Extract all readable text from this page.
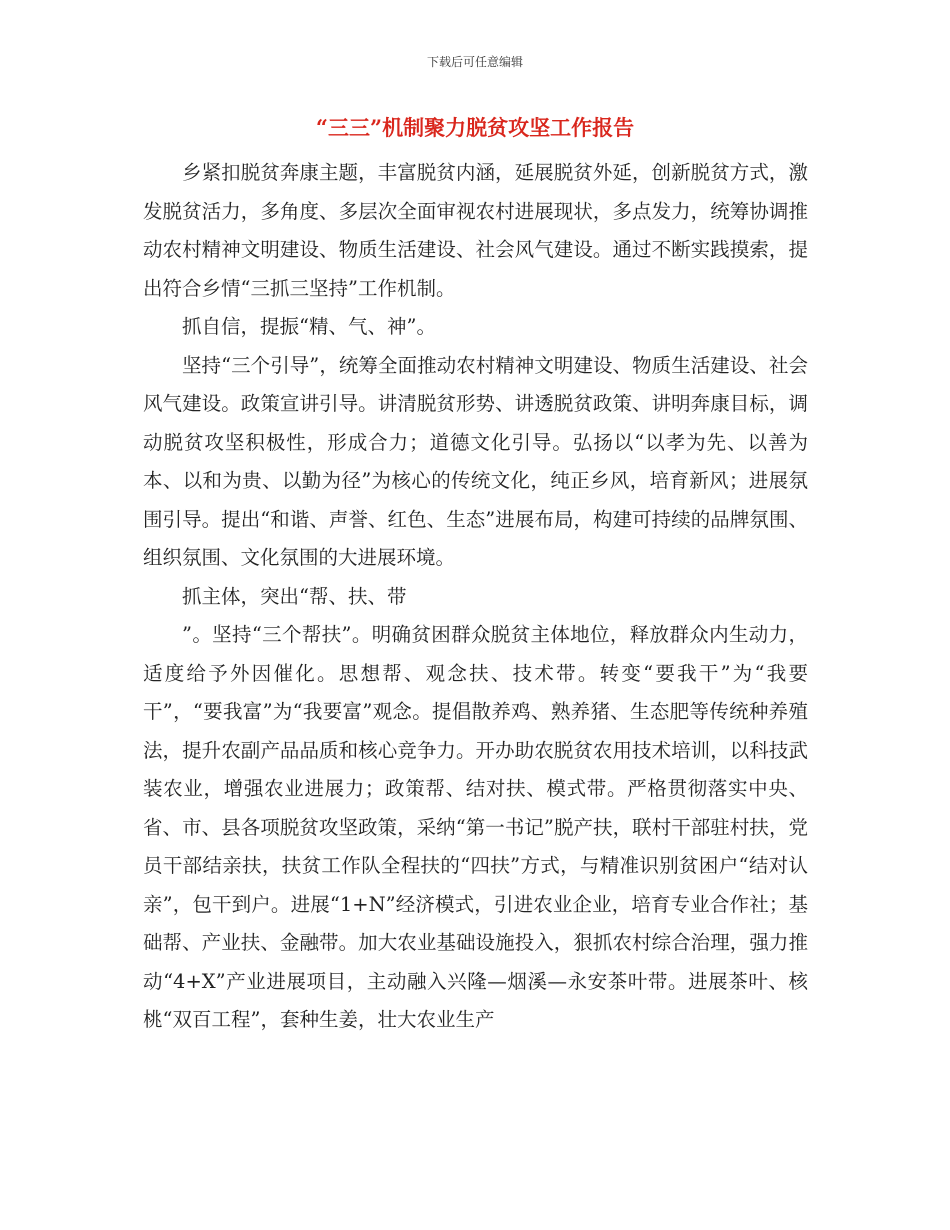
下载后可任意编辑
“三三”机制聚力脱贫攻坚工作报告

乡紧扣脱贫奔康主题，丰富脱贫内涵，延展脱贫外延，创新脱贫方式，激发脱贫活力，多角度、多层次全面审视农村进展现状，多点发力，统筹协调推动农村精神文明建设、物质生活建设、社会风气建设。通过不断实践摸索，提出符合乡情“三抓三坚持”工作机制。

抓自信，提振“精、气、神”。

坚持“三个引导”，统筹全面推动农村精神文明建设、物质生活建设、社会风气建设。政策宣讲引导。讲清脱贫形势、讲透脱贫政策、讲明奔康目标，调动脱贫攻坚积极性，形成合力；道德文化引导。弘扬以“以孝为先、以善为本、以和为贵、以勤为径”为核心的传统文化，纯正乡风，培育新风；进展氛围引导。提出“和谐、声誉、红色、生态”进展布局，构建可持续的品牌氛围、组织氛围、文化氛围的大进展环境。

抓主体，突出“帮、扶、带

”。坚持“三个帮扶”。明确贫困群众脱贫主体地位，释放群众内生动力，适度给予外因催化。思想帮、观念扶、技术带。转变“要我干”为“我要干”，“要我富”为“我要富”观念。提倡散养鸡、熟养猪、生态肥等传统种养殖法，提升农副产品品质和核心竞争力。开办助农脱贫农用技术培训，以科技武装农业，增强农业进展力；政策帮、结对扶、模式带。严格贯彻落实中央、省、市、县各项脱贫攻坚政策，采纳“第一书记”脱产扶，联村干部驻村扶，党员干部结亲扶，扶贫工作队全程扶的“四扶”方式，与精准识别贫困户“结对认亲”，包干到户。进展“1+N”经济模式，引进农业企业，培育专业合作社；基础帮、产业扶、金融带。加大农业基础设施投入，狠抓农村综合治理，强力推动“4+X”产业进展项目，主动融入兴隆—烟溪—永安茶叶带。进展茶叶、核桃“双百工程”，套种生姜，壮大农业生产
